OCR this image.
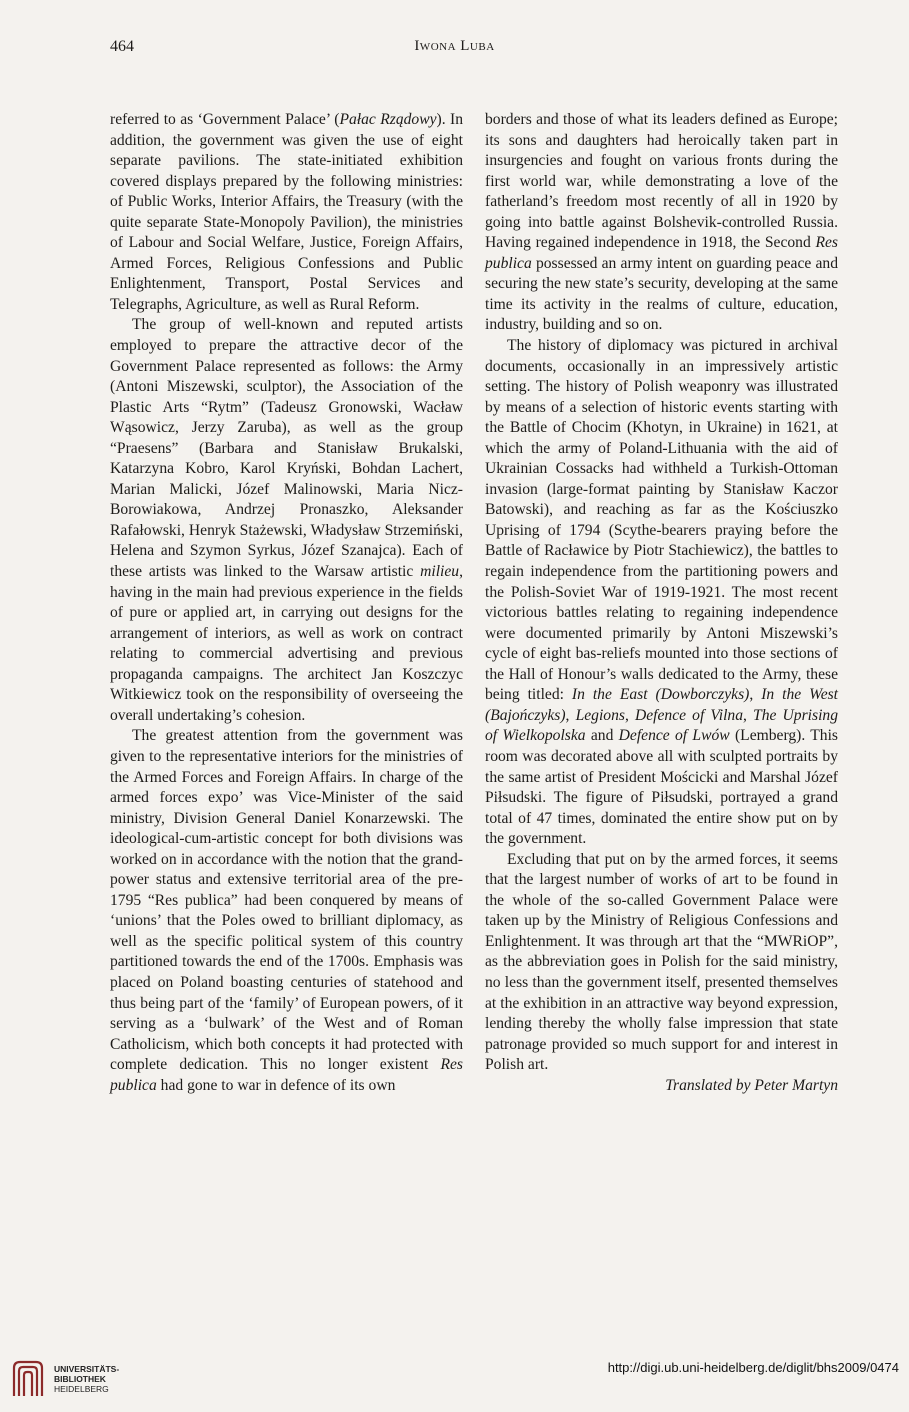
464	Iwona Luba

referred to as ‘Government Palace’ (Pałac Rządowy). In addition, the government was given the use of eight separate pavilions. The state-initiated exhibition covered displays prepared by the following ministries: of Public Works, Interior Affairs, the Treasury (with the quite separate State-Monopoly Pavilion), the ministries of Labour and Social Welfare, Justice, Foreign Affairs, Armed Forces, Religious Confessions and Public Enlightenment, Transport, Postal Services and Telegraphs, Agriculture, as well as Rural Reform.

The group of well-known and reputed artists employed to prepare the attractive decor of the Government Palace represented as follows: the Army (Antoni Miszewski, sculptor), the Association of the Plastic Arts “Rytm” (Tadeusz Gronowski, Wacław Wąsowicz, Jerzy Zaruba), as well as the group “Praesens” (Barbara and Stanisław Brukalski, Katarzyna Kobro, Karol Kryński, Bohdan Lachert, Marian Malicki, Józef Malinowski, Maria Nicz-Borowiakowa, Andrzej Pronaszko, Aleksander Rafałowski, Henryk Stażewski, Władysław Strzemiński, Helena and Szymon Syrkus, Józef Szanajca). Each of these artists was linked to the Warsaw artistic milieu, having in the main had previous experience in the fields of pure or applied art, in carrying out designs for the arrangement of interiors, as well as work on contract relating to commercial advertising and previous propaganda campaigns. The architect Jan Koszczyc Witkiewicz took on the responsibility of overseeing the overall undertaking’s cohesion.

The greatest attention from the government was given to the representative interiors for the ministries of the Armed Forces and Foreign Affairs. In charge of the armed forces expo’ was Vice-Minister of the said ministry, Division General Daniel Konarzewski. The ideological-cum-artistic concept for both divisions was worked on in accordance with the notion that the grand-power status and extensive territorial area of the pre-1795 “Res publica” had been conquered by means of ‘unions’ that the Poles owed to brilliant diplomacy, as well as the specific political system of this country partitioned towards the end of the 1700s. Emphasis was placed on Poland boasting centuries of statehood and thus being part of the ‘family’ of European powers, of it serving as a ‘bulwark’ of the West and of Roman Catholicism, which both concepts it had protected with complete dedication. This no longer existent Res publica had gone to war in defence of its own

borders and those of what its leaders defined as Europe; its sons and daughters had heroically taken part in insurgencies and fought on various fronts during the first world war, while demonstrating a love of the fatherland’s freedom most recently of all in 1920 by going into battle against Bolshevik-controlled Russia. Having regained independence in 1918, the Second Res publica possessed an army intent on guarding peace and securing the new state’s security, developing at the same time its activity in the realms of culture, education, industry, building and so on.

The history of diplomacy was pictured in archival documents, occasionally in an impressively artistic setting. The history of Polish weaponry was illustrated by means of a selection of historic events starting with the Battle of Chocim (Khotyn, in Ukraine) in 1621, at which the army of Poland-Lithuania with the aid of Ukrainian Cossacks had withheld a Turkish-Ottoman invasion (large-format painting by Stanisław Kaczor Batowski), and reaching as far as the Kościuszko Uprising of 1794 (Scythe-bearers praying before the Battle of Racławice by Piotr Stachiewicz), the battles to regain independence from the partitioning powers and the Polish-Soviet War of 1919-1921. The most recent victorious battles relating to regaining independence were documented primarily by Antoni Miszewski’s cycle of eight bas-reliefs mounted into those sections of the Hall of Honour’s walls dedicated to the Army, these being titled: In the East (Dowborczyks), In the West (Bajończyks), Legions, Defence of Vilna, The Uprising of Wielkopolska and Defence of Lwów (Lemberg). This room was decorated above all with sculpted portraits by the same artist of President Mościcki and Marshal Józef Piłsudski. The figure of Piłsudski, portrayed a grand total of 47 times, dominated the entire show put on by the government.

Excluding that put on by the armed forces, it seems that the largest number of works of art to be found in the whole of the so-called Government Palace were taken up by the Ministry of Religious Confessions and Enlightenment. It was through art that the “MWRiOP”, as the abbreviation goes in Polish for the said ministry, no less than the government itself, presented themselves at the exhibition in an attractive way beyond expression, lending thereby the wholly false impression that state patronage provided so much support for and interest in Polish art.

Translated by Peter Martyn

UNIVERSITÄTS-
BIBLIOTHEK
HEIDELBERG
http://digi.ub.uni-heidelberg.de/diglit/bhs2009/0474
